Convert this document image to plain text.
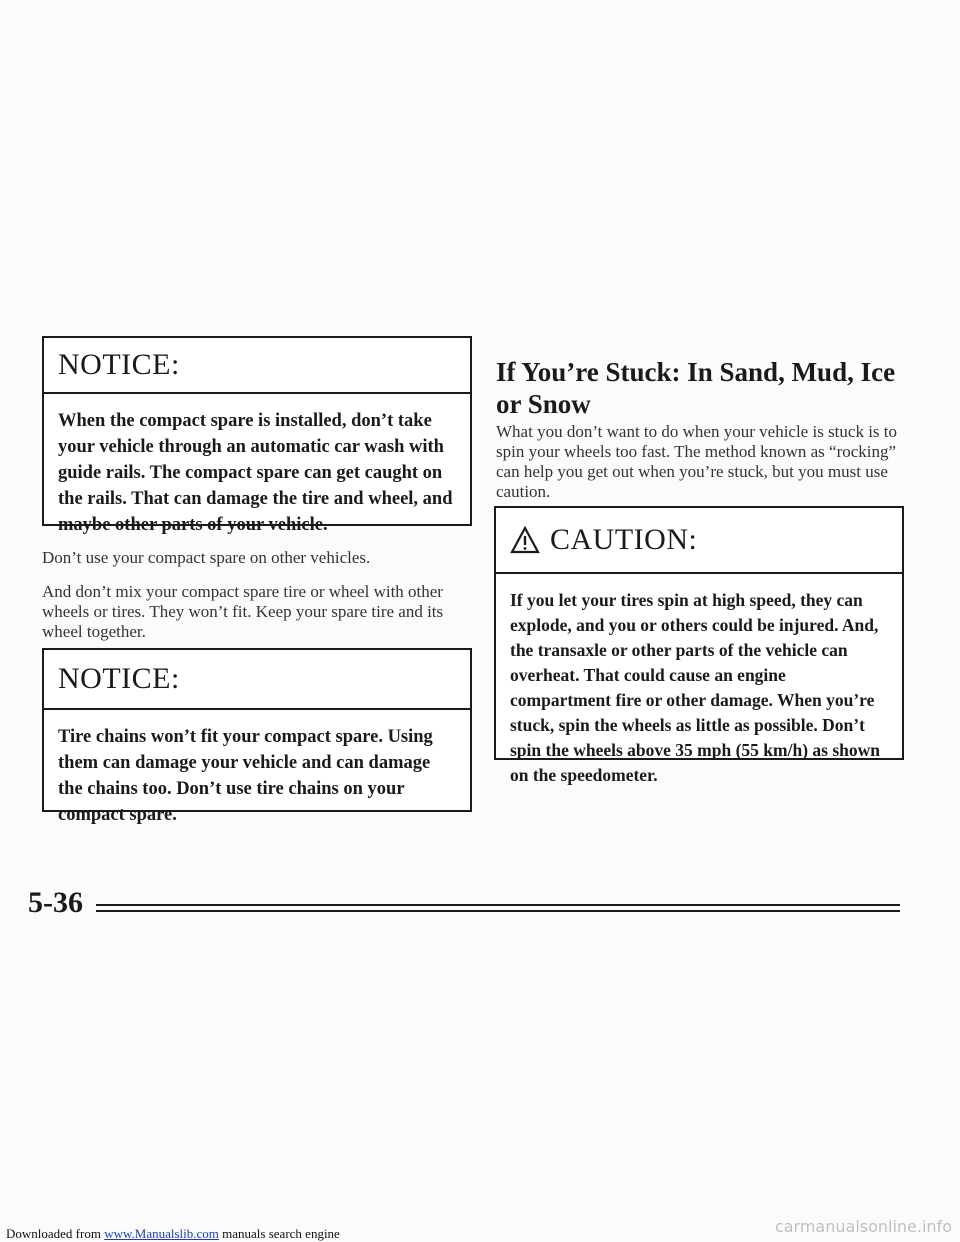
NOTICE:
When the compact spare is installed, don’t take your vehicle through an automatic car wash with guide rails. The compact spare can get caught on the rails. That can damage the tire and wheel, and maybe other parts of your vehicle.

Don’t use your compact spare on other vehicles.

And don’t mix your compact spare tire or wheel with other wheels or tires. They won’t fit. Keep your spare tire and its wheel together.

NOTICE:
Tire chains won’t fit your compact spare. Using them can damage your vehicle and can damage the chains too. Don’t use tire chains on your compact spare.
If You’re Stuck: In Sand, Mud, Ice or Snow

What you don’t want to do when your vehicle is stuck is to spin your wheels too fast. The method known as “rocking” can help you get out when you’re stuck, but you must use caution.

CAUTION:
If you let your tires spin at high speed, they can explode, and you or others could be injured. And, the transaxle or other parts of the vehicle can overheat. That could cause an engine compartment fire or other damage. When you’re stuck, spin the wheels as little as possible. Don’t spin the wheels above 35 mph (55 km/h) as shown on the speedometer.
5-36
Downloaded from www.Manualslib.com manuals search engine	carmanualsonline.info
